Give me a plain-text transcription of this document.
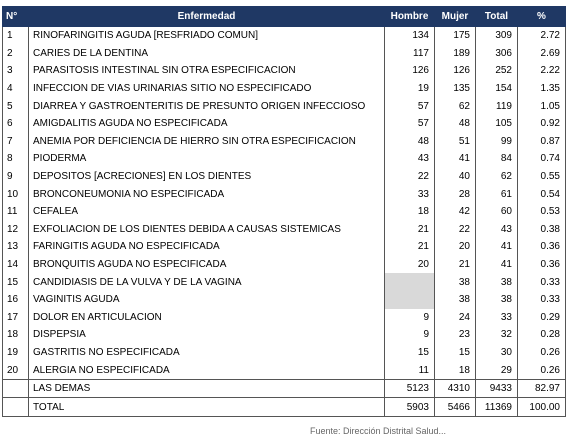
N°	Enfermedad	Hombre	Mujer	Total	%
1	RINOFARINGITIS AGUDA [RESFRIADO COMUN]	134	175	309	2.72
2	CARIES DE LA DENTINA	117	189	306	2.69
3	PARASITOSIS INTESTINAL SIN OTRA ESPECIFICACION	126	126	252	2.22
4	INFECCION DE VIAS URINARIAS SITIO NO ESPECIFICADO	19	135	154	1.35
5	DIARREA Y GASTROENTERITIS DE PRESUNTO ORIGEN INFECCIOSO	57	62	119	1.05
6	AMIGDALITIS AGUDA NO ESPECIFICADA	57	48	105	0.92
7	ANEMIA POR DEFICIENCIA DE HIERRO SIN OTRA ESPECIFICACION	48	51	99	0.87
8	PIODERMA	43	41	84	0.74
9	DEPOSITOS [ACRECIONES] EN LOS DIENTES	22	40	62	0.55
10	BRONCONEUMONIA NO ESPECIFICADA	33	28	61	0.54
11	CEFALEA	18	42	60	0.53
12	EXFOLIACION DE LOS DIENTES DEBIDA A CAUSAS SISTEMICAS	21	22	43	0.38
13	FARINGITIS AGUDA NO ESPECIFICADA	21	20	41	0.36
14	BRONQUITIS AGUDA NO ESPECIFICADA	20	21	41	0.36
15	CANDIDIASIS DE LA VULVA Y DE LA VAGINA		38	38	0.33
16	VAGINITIS AGUDA		38	38	0.33
17	DOLOR EN ARTICULACION	9	24	33	0.29
18	DISPEPSIA	9	23	32	0.28
19	GASTRITIS NO ESPECIFICADA	15	15	30	0.26
20	ALERGIA NO ESPECIFICADA	11	18	29	0.26
	LAS DEMAS	5123	4310	9433	82.97
	TOTAL	5903	5466	11369	100.00
Fuente: Dirección Distrital Salud...
